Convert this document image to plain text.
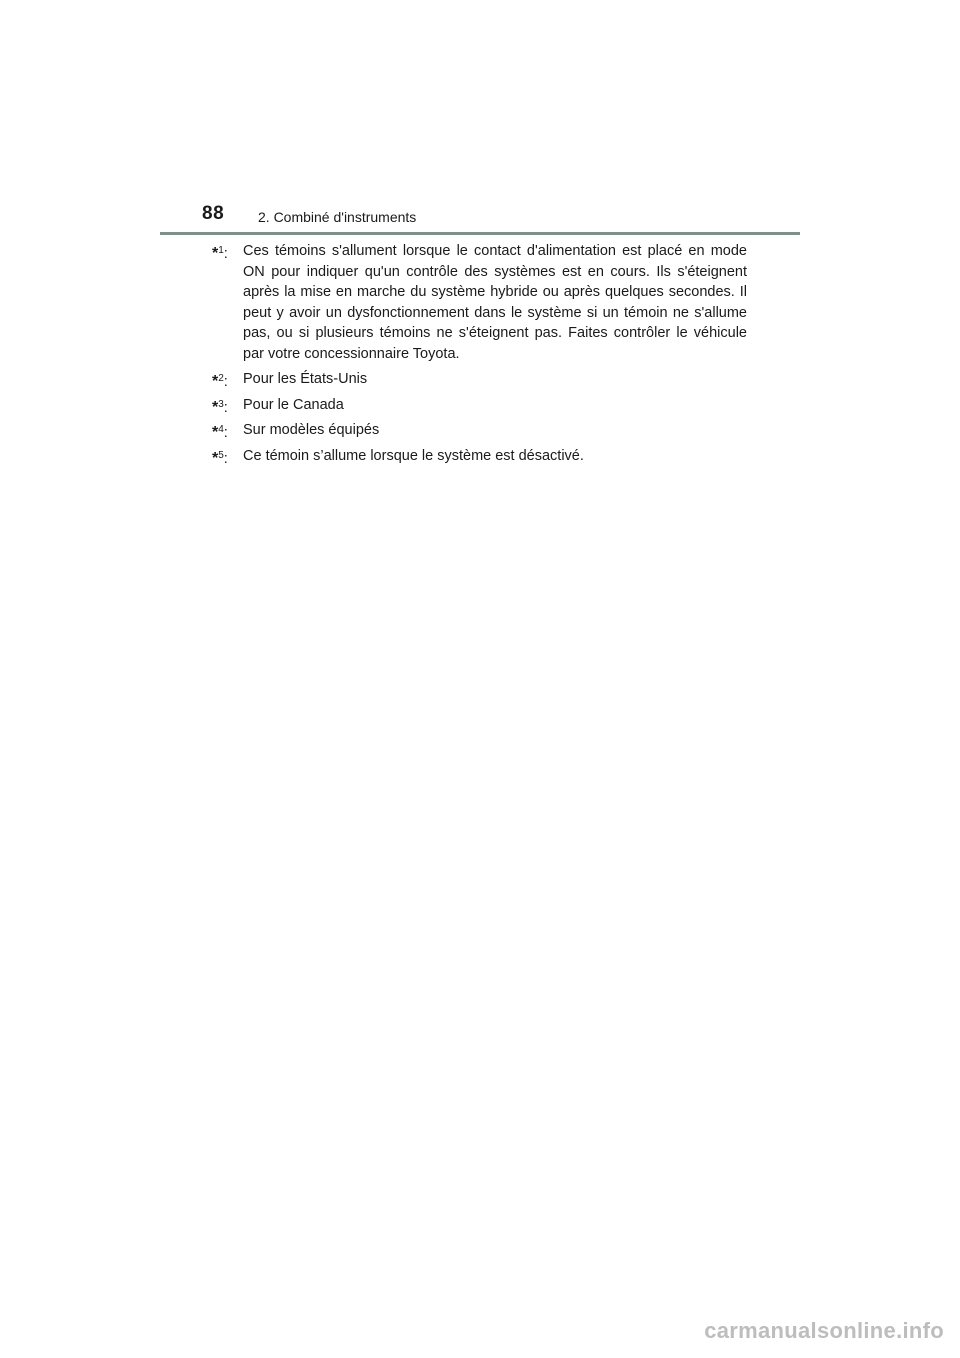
88 2. Combiné d'instruments
*$^1$: Ces témoins s'allument lorsque le contact d'alimentation est placé en mode ON pour indiquer qu'un contrôle des systèmes est en cours. Ils s'éteignent après la mise en marche du système hybride ou après quelques secondes. Il peut y avoir un dysfonctionnement dans le système si un témoin ne s'allume pas, ou si plusieurs témoins ne s'éteignent pas. Faites contrôler le véhicule par votre concessionnaire Toyota.
*$^2$: Pour les États-Unis
*$^3$: Pour le Canada
*$^4$: Sur modèles équipés
*$^5$: Ce témoin s’allume lorsque le système est désactivé.
carmanualsonline.info
